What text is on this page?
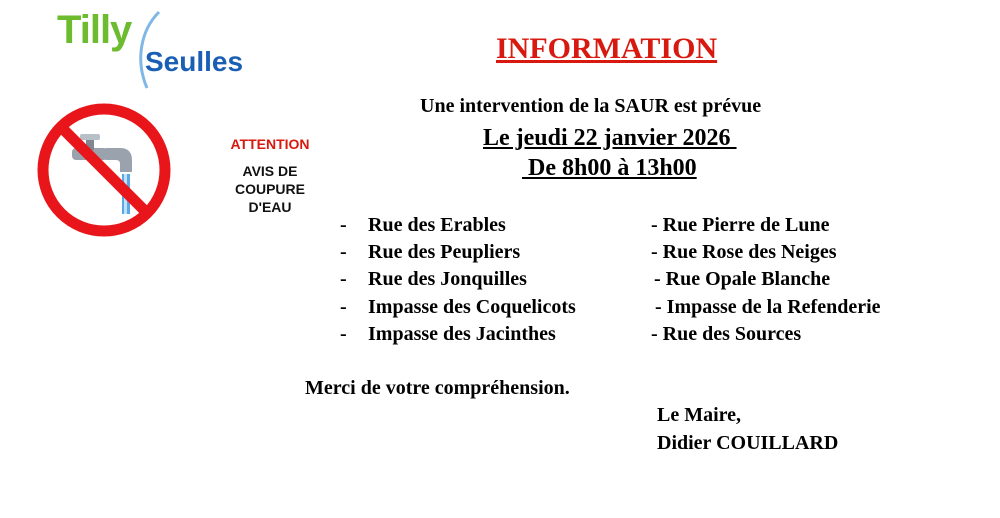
Tilly
Seulles
ATTENTION
AVIS DE
COUPURE
D'EAU
INFORMATION
Une intervention de la SAUR est prévue
Le jeudi 22 janvier 2026
De 8h00 à 13h00
- Rue des Erables
- Rue des Peupliers
- Rue des Jonquilles
- Impasse des Coquelicots
- Impasse des Jacinthes
- Rue Pierre de Lune
- Rue Rose des Neiges
- Rue Opale Blanche
- Impasse de la Refenderie
- Rue des Sources
Merci de votre compréhension.
Le Maire,
Didier COUILLARD
